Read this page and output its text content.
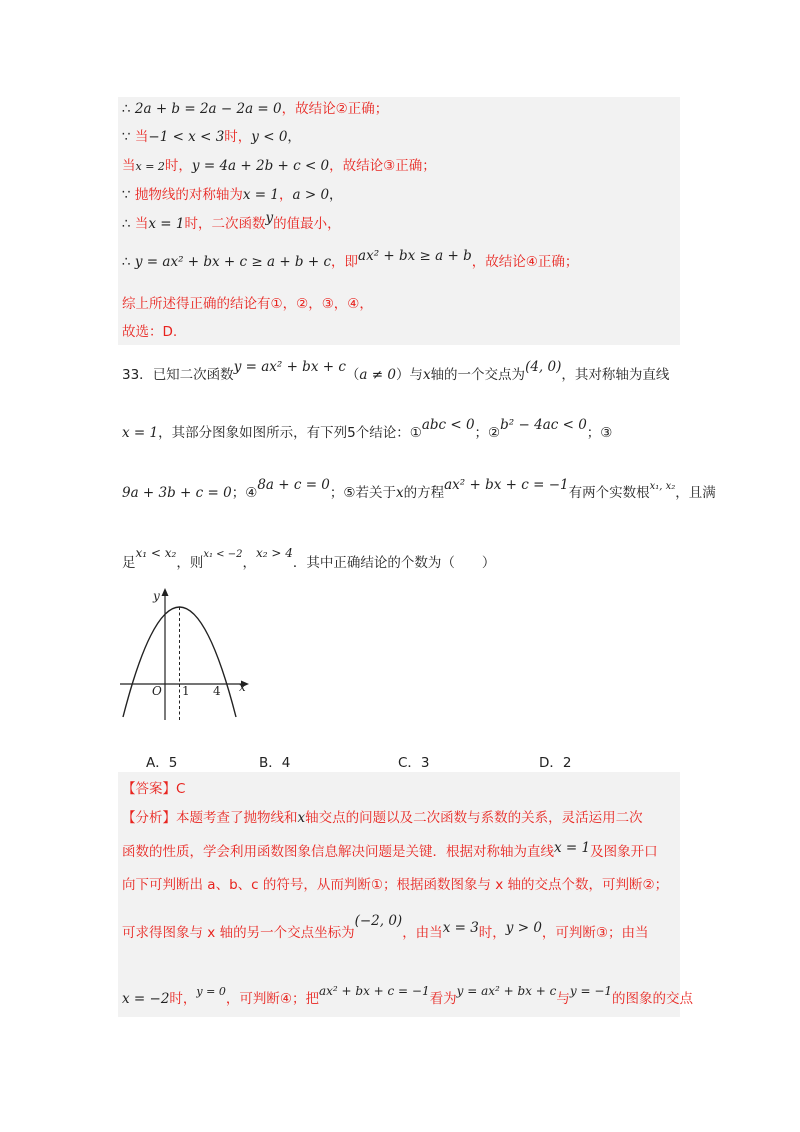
∴ 2a + b = 2a − 2a = 0，故结论②正确；
∵ 当−1 < x < 3时，y < 0，
当x = 2时，y = 4a + 2b + c < 0，故结论③正确；
∵ 抛物线的对称轴为x = 1，a > 0，
∴ 当x = 1时，二次函数y的值最小，
∴ y = ax² + bx + c ≥ a + b + c，即ax² + bx ≥ a + b，故结论④正确；
综上所述得正确的结论有①，②，③，④，
故选：D.
33．已知二次函数y = ax² + bx + c（a ≠ 0）与x轴的一个交点为(4, 0)，其对称轴为直线
x = 1，其部分图象如图所示，有下列5个结论：①abc < 0；②b² − 4ac < 0；③
9a + 3b + c = 0；④8a + c = 0；⑤若关于x的方程ax² + bx + c = −1有两个实数根$^{x_1, x_2}$，且满
足x₁ < x₂，则$^{x_1 < -2}$，x₂ > 4．其中正确结论的个数为（　　）
y
x
O 1 4
A．5	B．4	C．3	D．2
【答案】C
【分析】本题考查了抛物线和x轴交点的问题以及二次函数与系数的关系，灵活运用二次
函数的性质，学会利用函数图象信息解决问题是关键．根据对称轴为直线x = 1及图象开口
向下可判断出 a、b、c 的符号，从而判断①；根据函数图象与 x 轴的交点个数，可判断②；
可求得图象与 x 轴的另一个交点坐标为(−2, 0)，由当x = 3时，y > 0，可判断③；由当
x = −2时，$^{y = 0}$，可判断④；把ax² + bx + c = −1看为y = ax² + bx + c与y = −1的图象的交点
